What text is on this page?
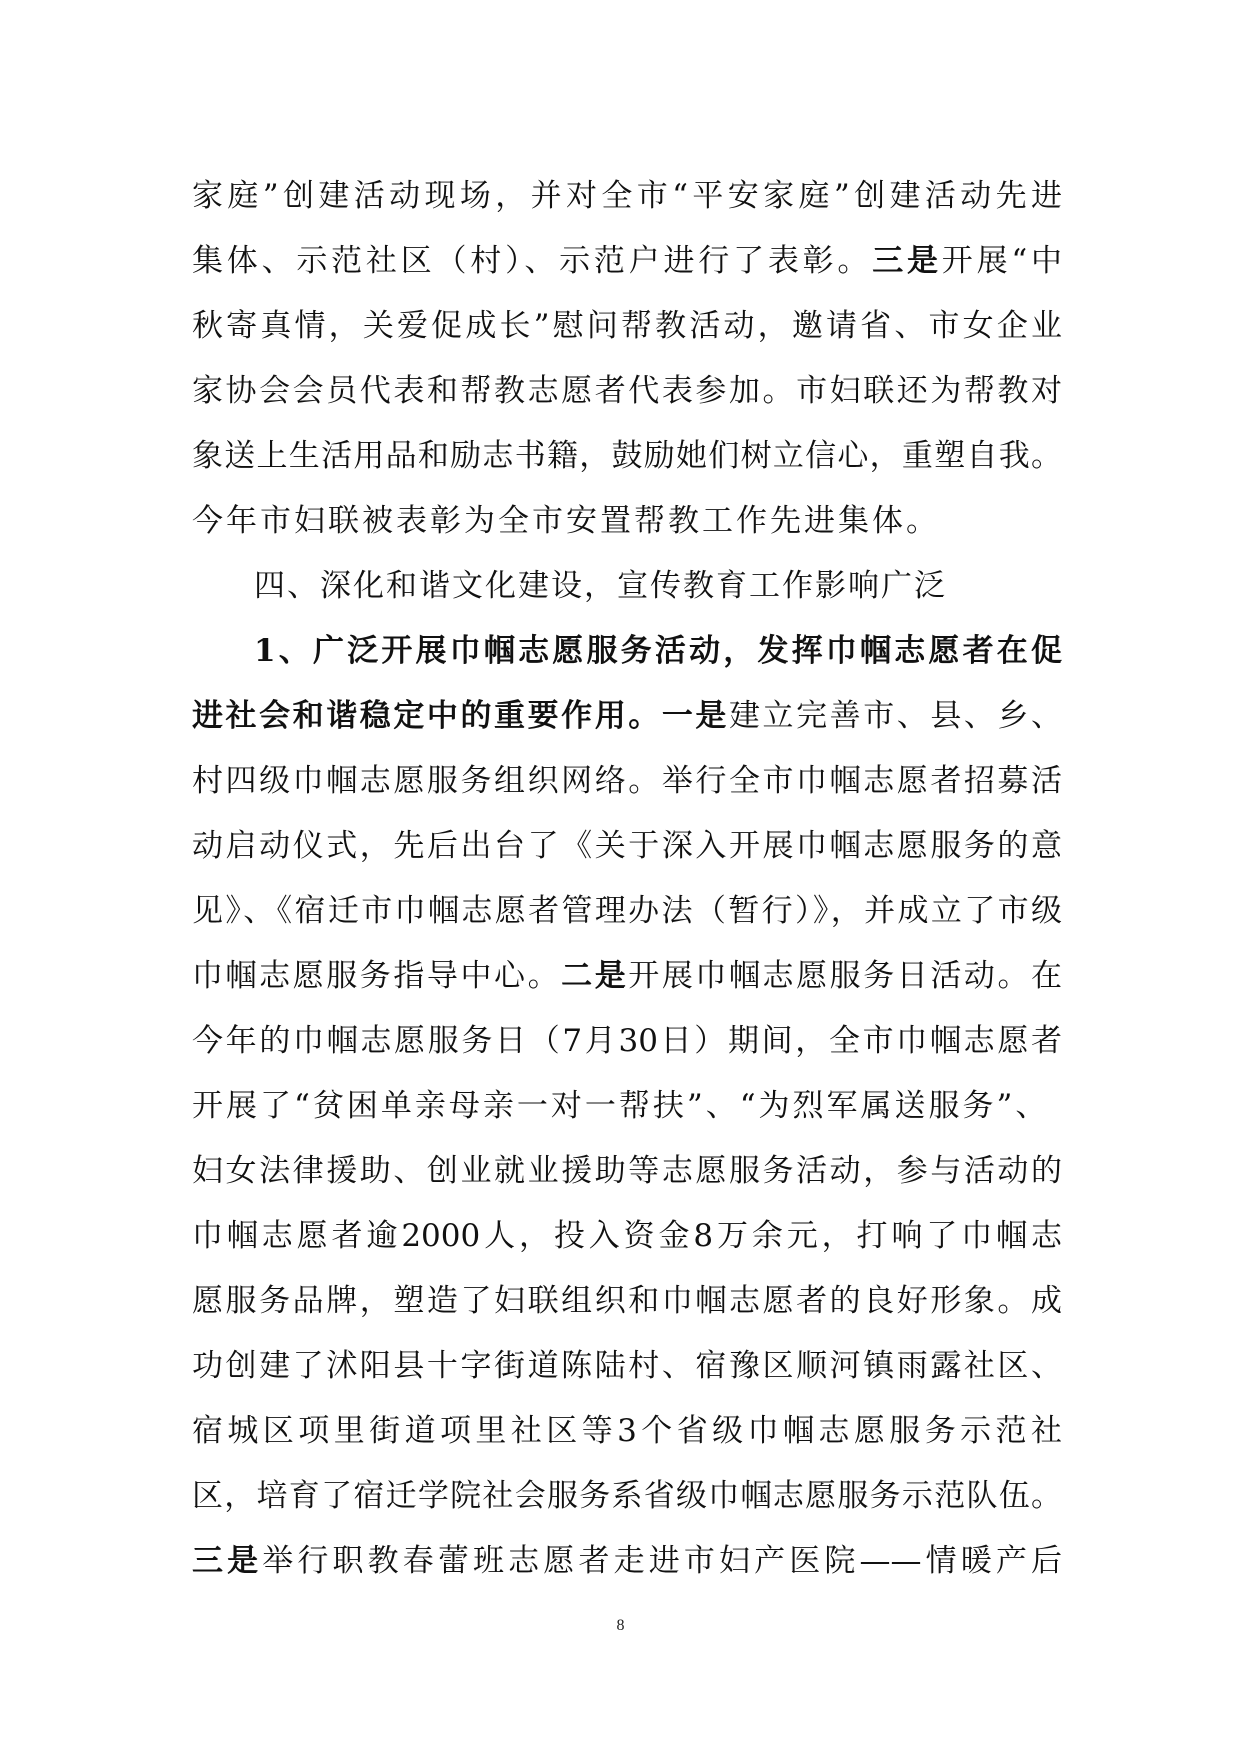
家庭”创建活动现场，并对全市“平安家庭”创建活动先进
集体、示范社区（村）、示范户进行了表彰。三是开展“中
秋寄真情，关爱促成长”慰问帮教活动，邀请省、市女企业
家协会会员代表和帮教志愿者代表参加。市妇联还为帮教对
象送上生活用品和励志书籍，鼓励她们树立信心，重塑自我。
今年市妇联被表彰为全市安置帮教工作先进集体。
四、深化和谐文化建设，宣传教育工作影响广泛
1、广泛开展巾帼志愿服务活动，发挥巾帼志愿者在促
进社会和谐稳定中的重要作用。一是建立完善市、县、乡、
村四级巾帼志愿服务组织网络。举行全市巾帼志愿者招募活
动启动仪式，先后出台了《关于深入开展巾帼志愿服务的意
见》、《宿迁市巾帼志愿者管理办法（暂行）》，并成立了市级
巾帼志愿服务指导中心。二是开展巾帼志愿服务日活动。在
今年的巾帼志愿服务日（7月30日）期间，全市巾帼志愿者
开展了“贫困单亲母亲一对一帮扶”、“为烈军属送服务”、
妇女法律援助、创业就业援助等志愿服务活动，参与活动的
巾帼志愿者逾2000人，投入资金8万余元，打响了巾帼志
愿服务品牌，塑造了妇联组织和巾帼志愿者的良好形象。成
功创建了沭阳县十字街道陈陆村、宿豫区顺河镇雨露社区、
宿城区项里街道项里社区等3个省级巾帼志愿服务示范社
区，培育了宿迁学院社会服务系省级巾帼志愿服务示范队伍。
三是举行职教春蕾班志愿者走进市妇产医院——情暖产后
8
